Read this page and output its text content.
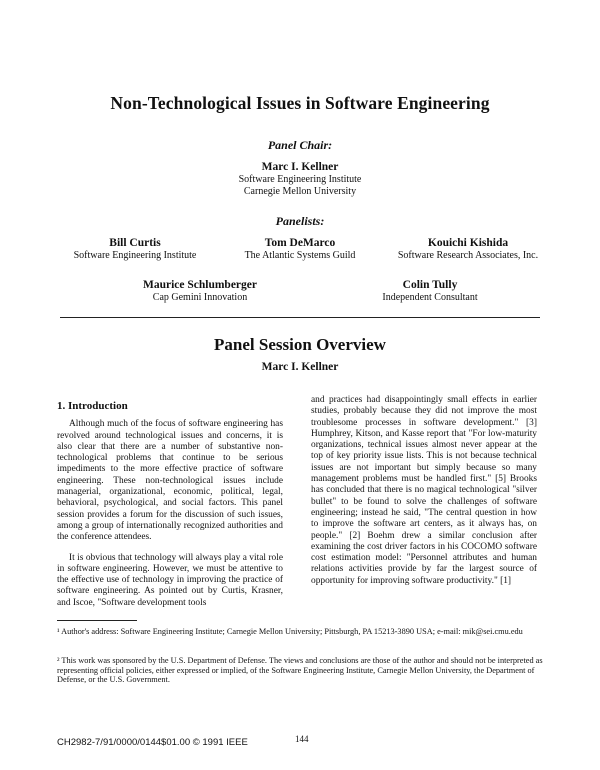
Non-Technological Issues in Software Engineering
Panel Chair:
Marc I. Kellner
Software Engineering Institute
Carnegie Mellon University
Panelists:
Bill Curtis
Software Engineering Institute
Tom DeMarco
The Atlantic Systems Guild
Kouichi Kishida
Software Research Associates, Inc.
Maurice Schlumberger
Cap Gemini Innovation
Colin Tully
Independent Consultant
Panel Session Overview
Marc I. Kellner
1. Introduction

Although much of the focus of software engineering has revolved around technological issues and concerns, it is also clear that there are a number of substantive non-technological problems that continue to be serious impediments to the more effective practice of software engineering. These non-technological issues include managerial, organizational, economic, political, legal, behavioral, psychological, and social factors. This panel session provides a forum for the discussion of such issues, among a group of internationally recognized authorities and the conference attendees.

It is obvious that technology will always play a vital role in software engineering. However, we must be attentive to the effective use of technology in improving the practice of software engineering. As pointed out by Curtis, Krasner, and Iscoe, "Software development tools

and practices had disappointingly small effects in earlier studies, probably because they did not improve the most troublesome processes in software development." [3] Humphrey, Kitson, and Kasse report that "For low-maturity organizations, technical issues almost never appear at the top of key priority issue lists. This is not because technical issues are not important but simply because so many management problems must be handled first." [5] Brooks has concluded that there is no magical technological "silver bullet" to be found to solve the challenges of software engineering; instead he said, "The central question in how to improve the software art centers, as it always has, on people." [2] Boehm drew a similar conclusion after examining the cost driver factors in his COCOMO software cost estimation model: "Personnel attributes and human relations activities provide by far the largest source of opportunity for improving software productivity." [1]

¹ Author's address: Software Engineering Institute; Carnegie Mellon University; Pittsburgh, PA 15213-3890 USA; e-mail: mik@sei.cmu.edu
² This work was sponsored by the U.S. Department of Defense. The views and conclusions are those of the author and should not be interpreted as representing official policies, either expressed or implied, of the Software Engineering Institute, Carnegie Mellon University, the Department of Defense, or the U.S. Government.
144
CH2982-7/91/0000/0144$01.00 © 1991 IEEE
